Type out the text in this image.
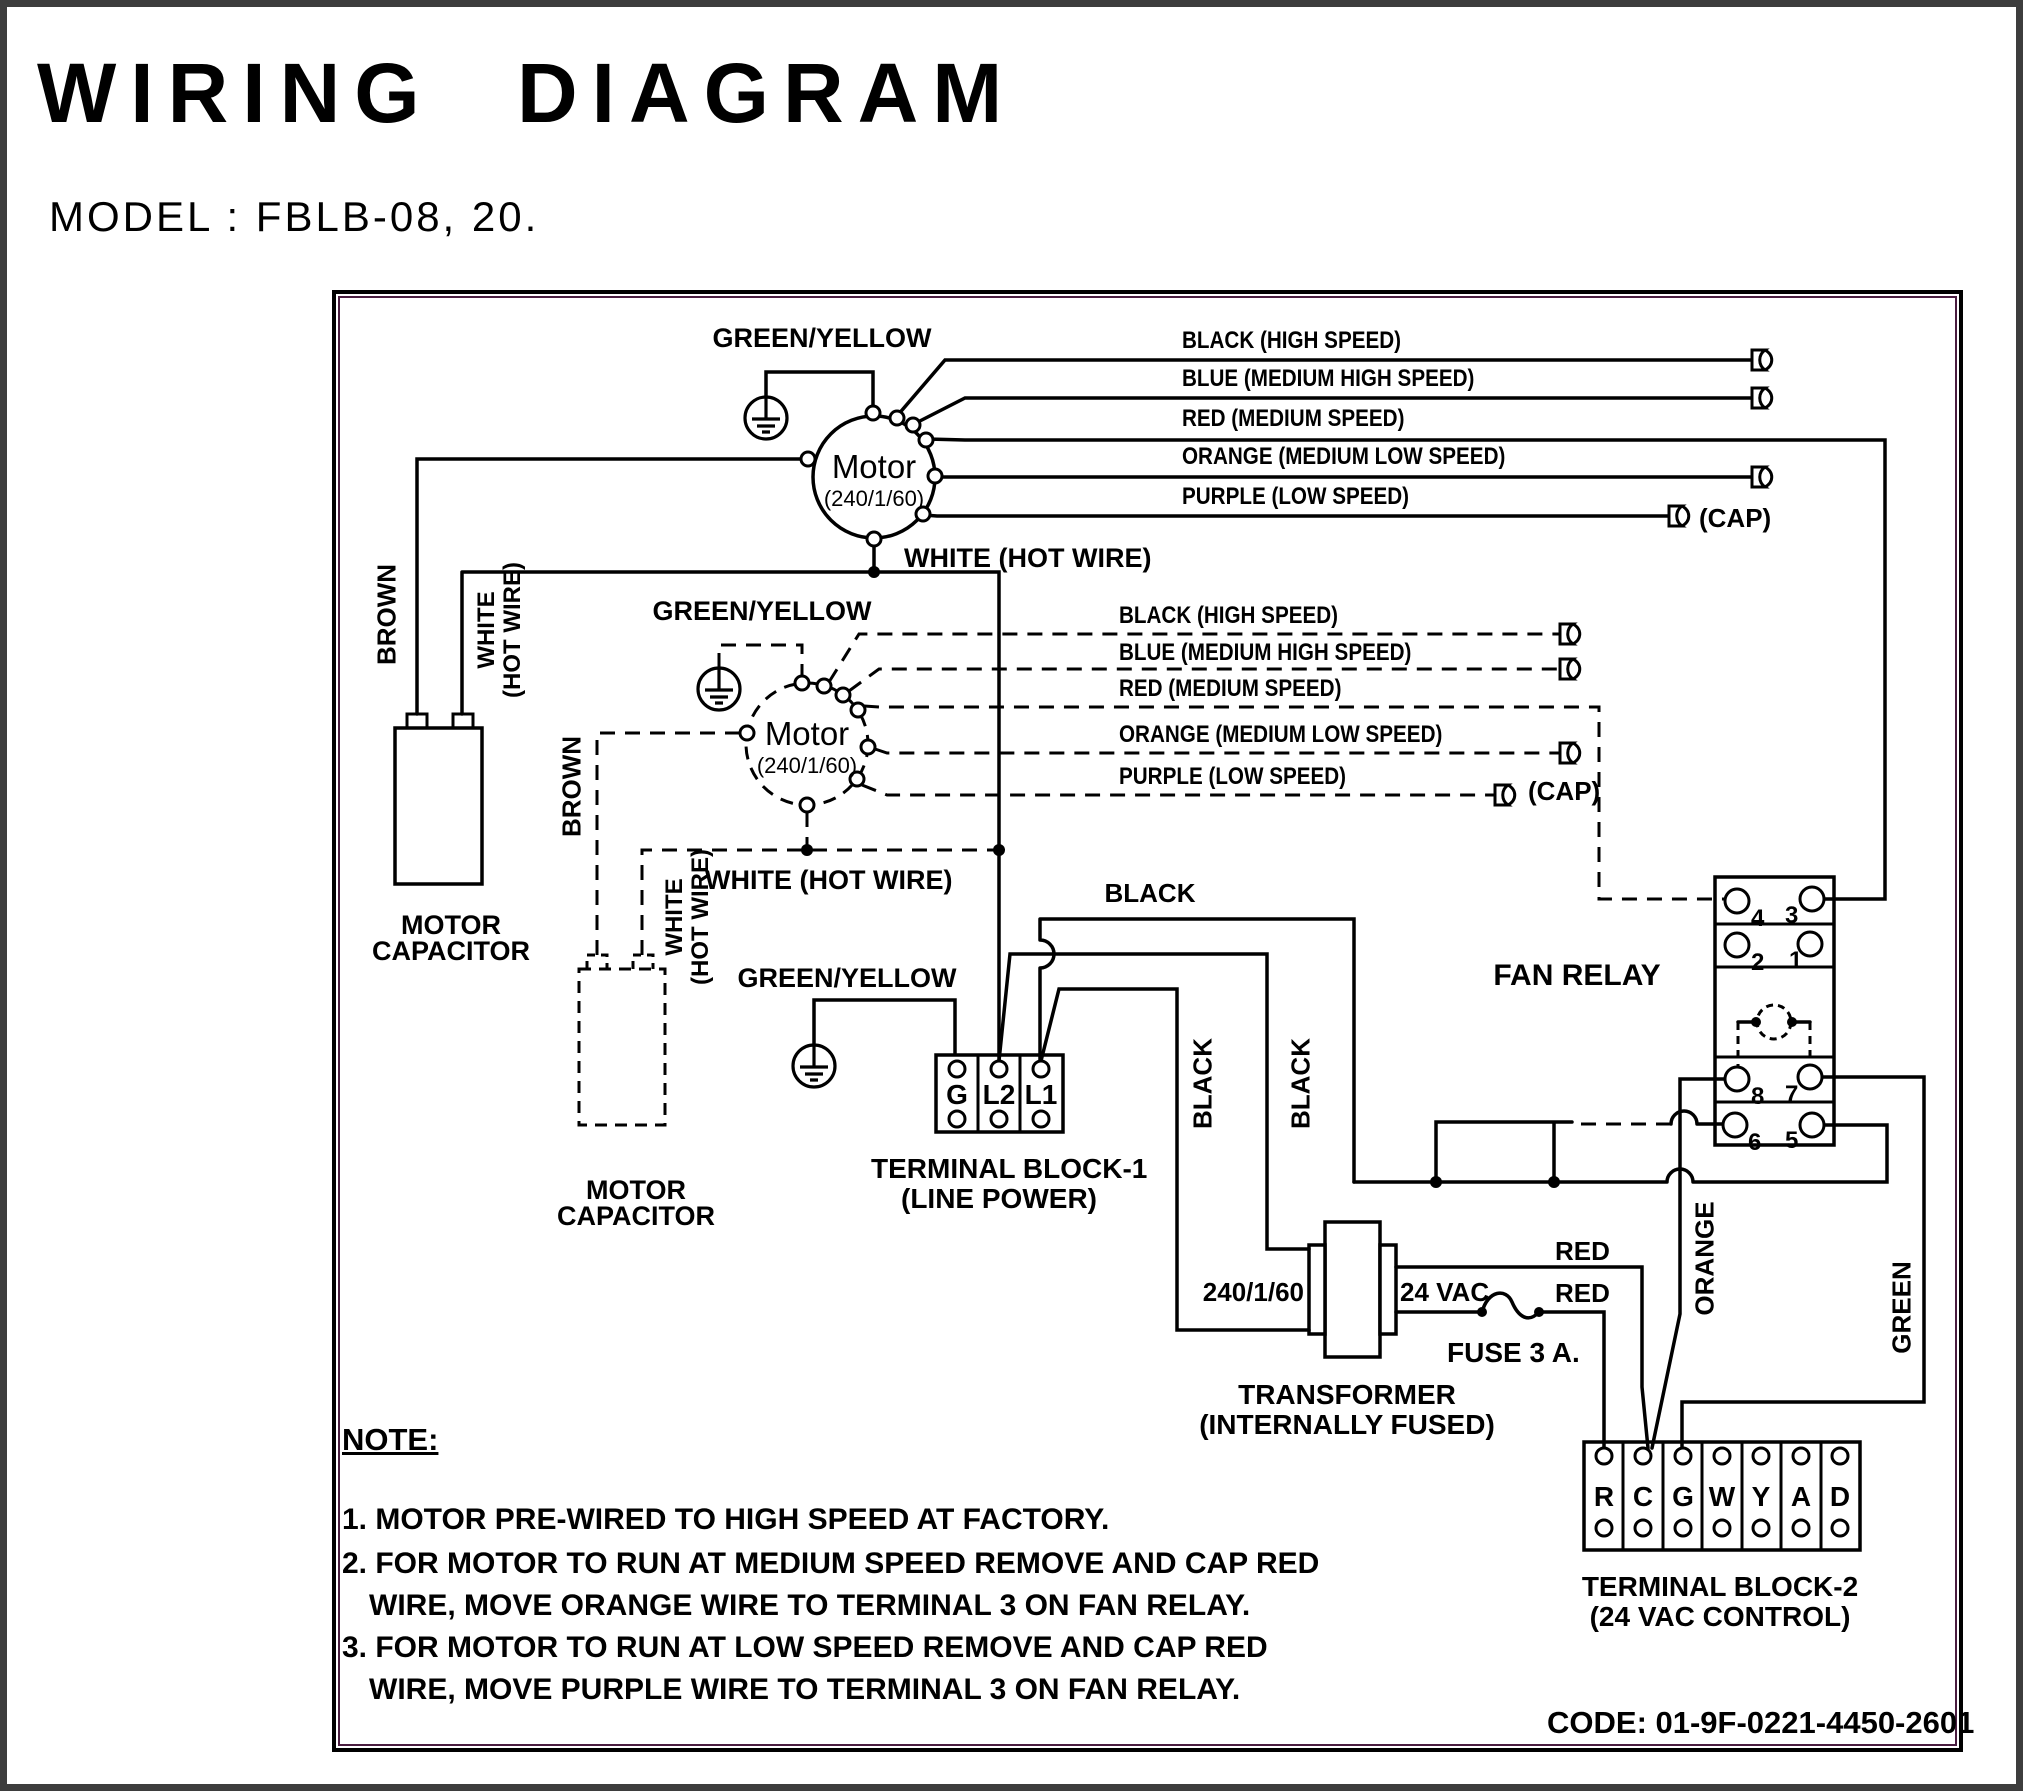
WIRING DIAGRAM
MODEL : FBLB-08, 20.
GREEN/YELLOW	BLACK (HIGH SPEED)
BLUE (MEDIUM HIGH SPEED)
RED (MEDIUM SPEED)
ORANGE (MEDIUM LOW SPEED)
PURPLE (LOW SPEED)
(CAP)
Motor
(240/1/60)
WHITE (HOT WIRE)
GREEN/YELLOW	BLACK (HIGH SPEED)
BLUE (MEDIUM HIGH SPEED)
RED (MEDIUM SPEED)
ORANGE (MEDIUM LOW SPEED)
PURPLE (LOW SPEED)	(CAP)
Motor
(240/1/60)
WHITE (HOT WIRE)
BROWN	WHITE
(HOT WIRE)
BROWN
WHITE
(HOT WIRE)
BLACK	BLACK
ORANGE	GREEN
BLACK
MOTOR
CAPACITOR
MOTOR
CAPACITOR
GREEN/YELLOW
G L2 L1
TERMINAL BLOCK-1
(LINE POWER)
FAN RELAY
4 3
2 1
8 7
6 5
240/1/60	24 VAC
FUSE 3 A.
TRANSFORMER
(INTERNALLY FUSED)
RED
RED
R C G W Y A D
TERMINAL BLOCK-2
(24 VAC CONTROL)
NOTE:
1. MOTOR PRE-WIRED TO HIGH SPEED AT FACTORY.
2. FOR MOTOR TO RUN AT MEDIUM SPEED REMOVE AND CAP RED
WIRE, MOVE ORANGE WIRE TO TERMINAL 3 ON FAN RELAY.
3. FOR MOTOR TO RUN AT LOW SPEED REMOVE AND CAP RED
WIRE, MOVE PURPLE WIRE TO TERMINAL 3 ON FAN RELAY.
CODE: 01-9F-0221-4450-2601
